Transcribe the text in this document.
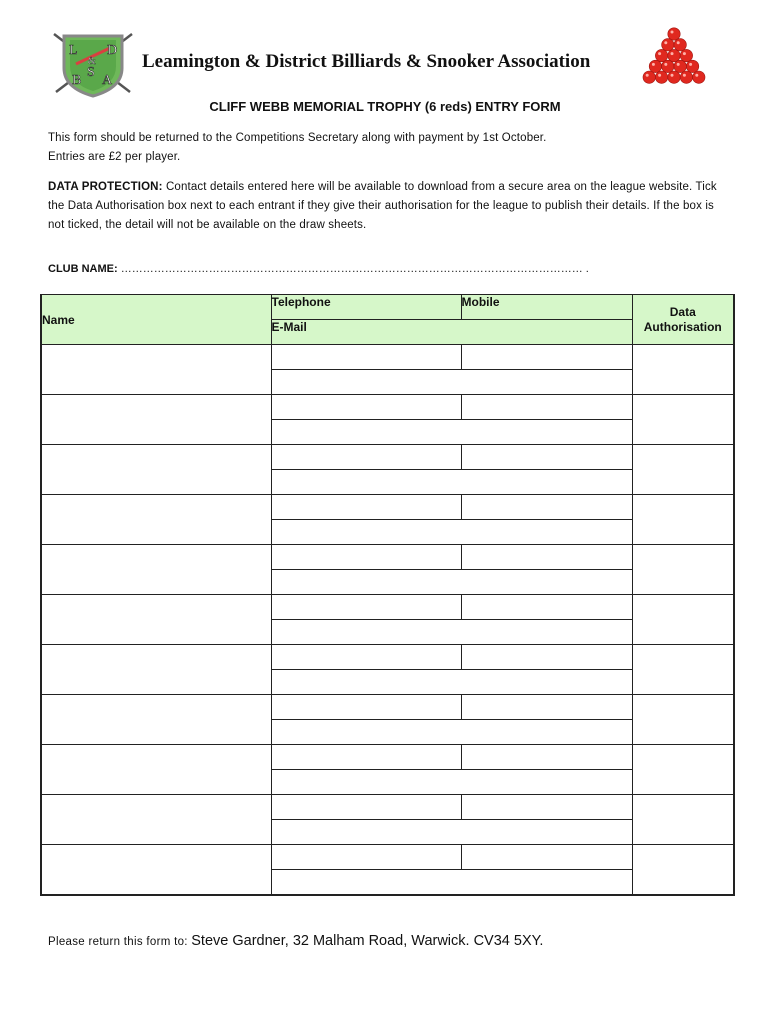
L D
B
S
A
& Leamington & District Billiards & Snooker Association
CLIFF WEBB MEMORIAL TROPHY (6 reds) ENTRY FORM
This form should be returned to the Competitions Secretary along with payment by 1st October.
Entries are £2 per player.
DATA PROTECTION: Contact details entered here will be available to download from a secure area on the league website. Tick the Data Authorisation box next to each entrant if they give their authorisation for the league to publish their details. If the box is not ticked, the detail will not be available on the draw sheets.
CLUB NAME: ……………………………………………………………………………………………………………… .
Name	Telephone	Mobile	Data Authorisation
	E-Mail		

Please return this form to: Steve Gardner, 32 Malham Road, Warwick. CV34 5XY.
